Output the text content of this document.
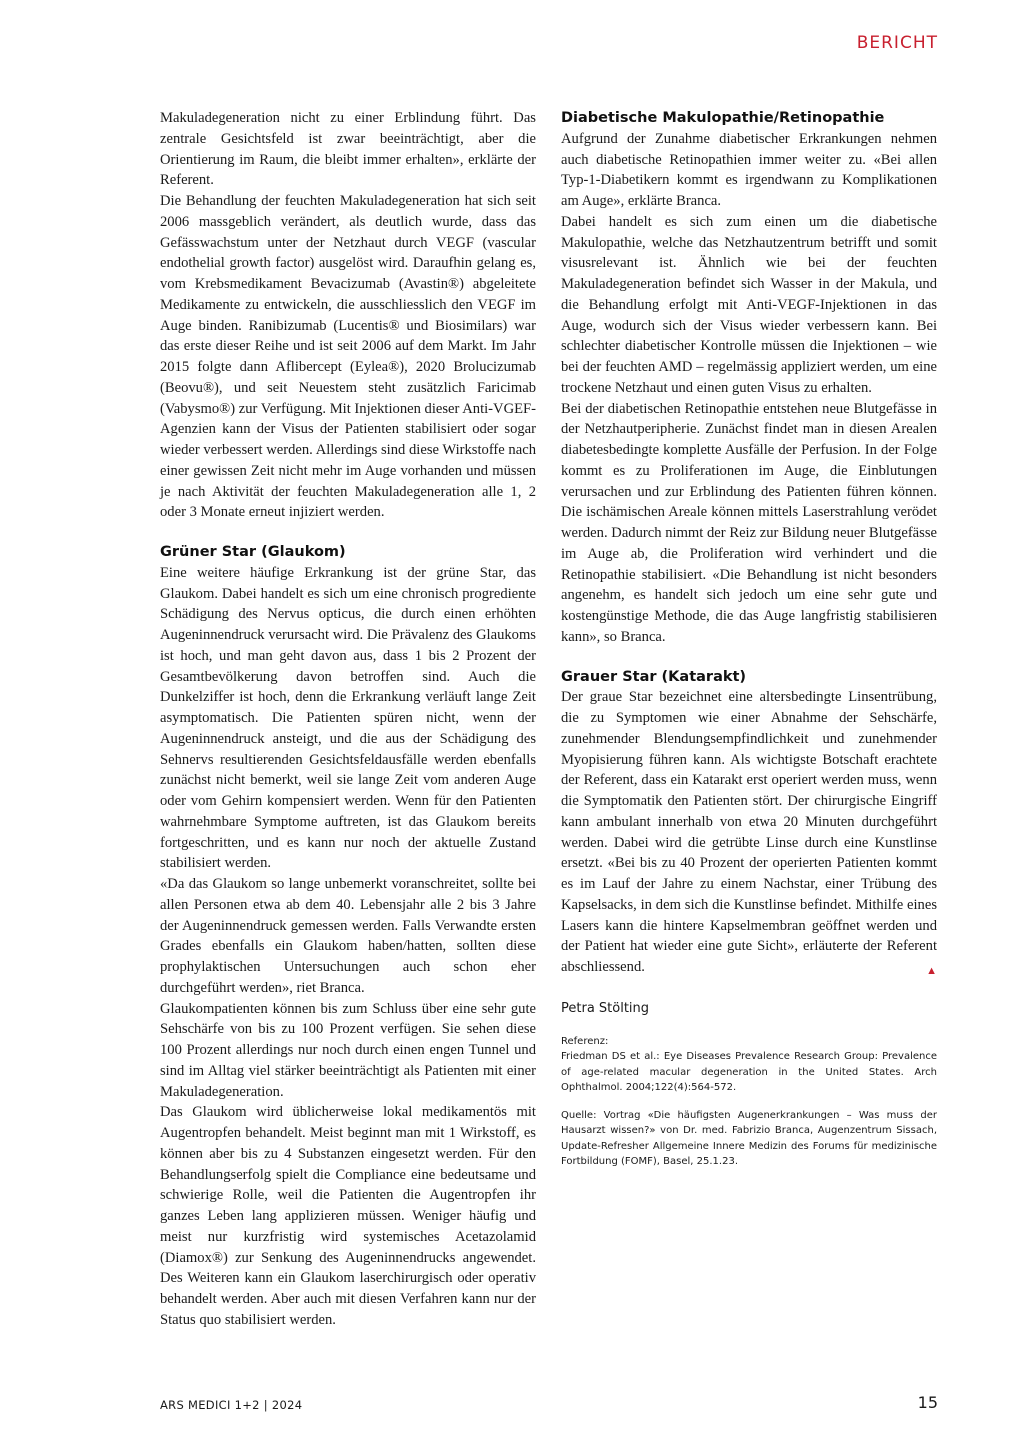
BERICHT

Makuladegeneration nicht zu einer Erblindung führt. Das zentrale Gesichtsfeld ist zwar beeinträchtigt, aber die Orientierung im Raum, die bleibt immer erhalten», erklärte der Referent.

Die Behandlung der feuchten Makuladegeneration hat sich seit 2006 massgeblich verändert, als deutlich wurde, dass das Gefässwachstum unter der Netzhaut durch VEGF (vascular endothelial growth factor) ausgelöst wird. Daraufhin gelang es, vom Krebsmedikament Bevacizumab (Avastin®) abgeleitete Medikamente zu entwickeln, die ausschliesslich den VEGF im Auge binden. Ranibizumab (Lucentis® und Biosimilars) war das erste dieser Reihe und ist seit 2006 auf dem Markt. Im Jahr 2015 folgte dann Aflibercept (Eylea®), 2020 Brolucizumab (Beovu®), und seit Neuestem steht zusätzlich Faricimab (Vabysmo®) zur Verfügung. Mit Injektionen dieser Anti-VGEF-Agenzien kann der Visus der Patienten stabilisiert oder sogar wieder verbessert werden. Allerdings sind diese Wirkstoffe nach einer gewissen Zeit nicht mehr im Auge vorhanden und müssen je nach Aktivität der feuchten Makuladegeneration alle 1, 2 oder 3 Monate erneut injiziert werden.

Grüner Star (Glaukom)

Eine weitere häufige Erkrankung ist der grüne Star, das Glaukom. Dabei handelt es sich um eine chronisch progrediente Schädigung des Nervus opticus, die durch einen erhöhten Augeninnendruck verursacht wird. Die Prävalenz des Glaukoms ist hoch, und man geht davon aus, dass 1 bis 2 Prozent der Gesamtbevölkerung davon betroffen sind. Auch die Dunkelziffer ist hoch, denn die Erkrankung verläuft lange Zeit asymptomatisch. Die Patienten spüren nicht, wenn der Augeninnendruck ansteigt, und die aus der Schädigung des Sehnervs resultierenden Gesichtsfeldausfälle werden ebenfalls zunächst nicht bemerkt, weil sie lange Zeit vom anderen Auge oder vom Gehirn kompensiert werden. Wenn für den Patienten wahrnehmbare Symptome auftreten, ist das Glaukom bereits fortgeschritten, und es kann nur noch der aktuelle Zustand stabilisiert werden.

«Da das Glaukom so lange unbemerkt voranschreitet, sollte bei allen Personen etwa ab dem 40. Lebensjahr alle 2 bis 3 Jahre der Augeninnendruck gemessen werden. Falls Verwandte ersten Grades ebenfalls ein Glaukom haben/hatten, sollten diese prophylaktischen Untersuchungen auch schon eher durchgeführt werden», riet Branca.

Glaukompatienten können bis zum Schluss über eine sehr gute Sehschärfe von bis zu 100 Prozent verfügen. Sie sehen diese 100 Prozent allerdings nur noch durch einen engen Tunnel und sind im Alltag viel stärker beeinträchtigt als Patienten mit einer Makuladegeneration.

Das Glaukom wird üblicherweise lokal medikamentös mit Augentropfen behandelt. Meist beginnt man mit 1 Wirkstoff, es können aber bis zu 4 Substanzen eingesetzt werden. Für den Behandlungserfolg spielt die Compliance eine bedeutsame und schwierige Rolle, weil die Patienten die Augentropfen ihr ganzes Leben lang applizieren müssen. Weniger häufig und meist nur kurzfristig wird systemisches Acetazolamid (Diamox®) zur Senkung des Augeninnendrucks angewendet. Des Weiteren kann ein Glaukom laserchirurgisch oder operativ behandelt werden. Aber auch mit diesen Verfahren kann nur der Status quo stabilisiert werden.

Diabetische Makulopathie/Retinopathie

Aufgrund der Zunahme diabetischer Erkrankungen nehmen auch diabetische Retinopathien immer weiter zu. «Bei allen Typ-1-Diabetikern kommt es irgendwann zu Komplikationen am Auge», erklärte Branca.

Dabei handelt es sich zum einen um die diabetische Makulopathie, welche das Netzhautzentrum betrifft und somit visusrelevant ist. Ähnlich wie bei der feuchten Makuladegeneration befindet sich Wasser in der Makula, und die Behandlung erfolgt mit Anti-VEGF-Injektionen in das Auge, wodurch sich der Visus wieder verbessern kann. Bei schlechter diabetischer Kontrolle müssen die Injektionen – wie bei der feuchten AMD – regelmässig appliziert werden, um eine trockene Netzhaut und einen guten Visus zu erhalten.

Bei der diabetischen Retinopathie entstehen neue Blutgefässe in der Netzhautperipherie. Zunächst findet man in diesen Arealen diabetesbedingte komplette Ausfälle der Perfusion. In der Folge kommt es zu Proliferationen im Auge, die Einblutungen verursachen und zur Erblindung des Patienten führen können. Die ischämischen Areale können mittels Laserstrahlung verödet werden. Dadurch nimmt der Reiz zur Bildung neuer Blutgefässe im Auge ab, die Proliferation wird verhindert und die Retinopathie stabilisiert. «Die Behandlung ist nicht besonders angenehm, es handelt sich jedoch um eine sehr gute und kostengünstige Methode, die das Auge langfristig stabilisieren kann», so Branca.

Grauer Star (Katarakt)

Der graue Star bezeichnet eine altersbedingte Linsentrübung, die zu Symptomen wie einer Abnahme der Sehschärfe, zunehmender Blendungsempfindlichkeit und zunehmender Myopisierung führen kann. Als wichtigste Botschaft erachtete der Referent, dass ein Katarakt erst operiert werden muss, wenn die Symptomatik den Patienten stört. Der chirurgische Eingriff kann ambulant innerhalb von etwa 20 Minuten durchgeführt werden. Dabei wird die getrübte Linse durch eine Kunstlinse ersetzt. «Bei bis zu 40 Prozent der operierten Patienten kommt es im Lauf der Jahre zu einem Nachstar, einer Trübung des Kapselsacks, in dem sich die Kunstlinse befindet. Mithilfe eines Lasers kann die hintere Kapselmembran geöffnet werden und der Patient hat wieder eine gute Sicht», erläuterte der Referent abschliessend.	▲

Petra Stölting
Referenz:
Friedman DS et al.: Eye Diseases Prevalence Research Group: Prevalence of age-related macular degeneration in the United States. Arch Ophthalmol. 2004;122(4):564-572.
Quelle: Vortrag «Die häufigsten Augenerkrankungen – Was muss der Hausarzt wissen?» von Dr. med. Fabrizio Branca, Augenzentrum Sissach, Update-Refresher Allgemeine Innere Medizin des Forums für medizinische Fortbildung (FOMF), Basel, 25.1.23.

ARS MEDICI 1+2 | 2024	15
